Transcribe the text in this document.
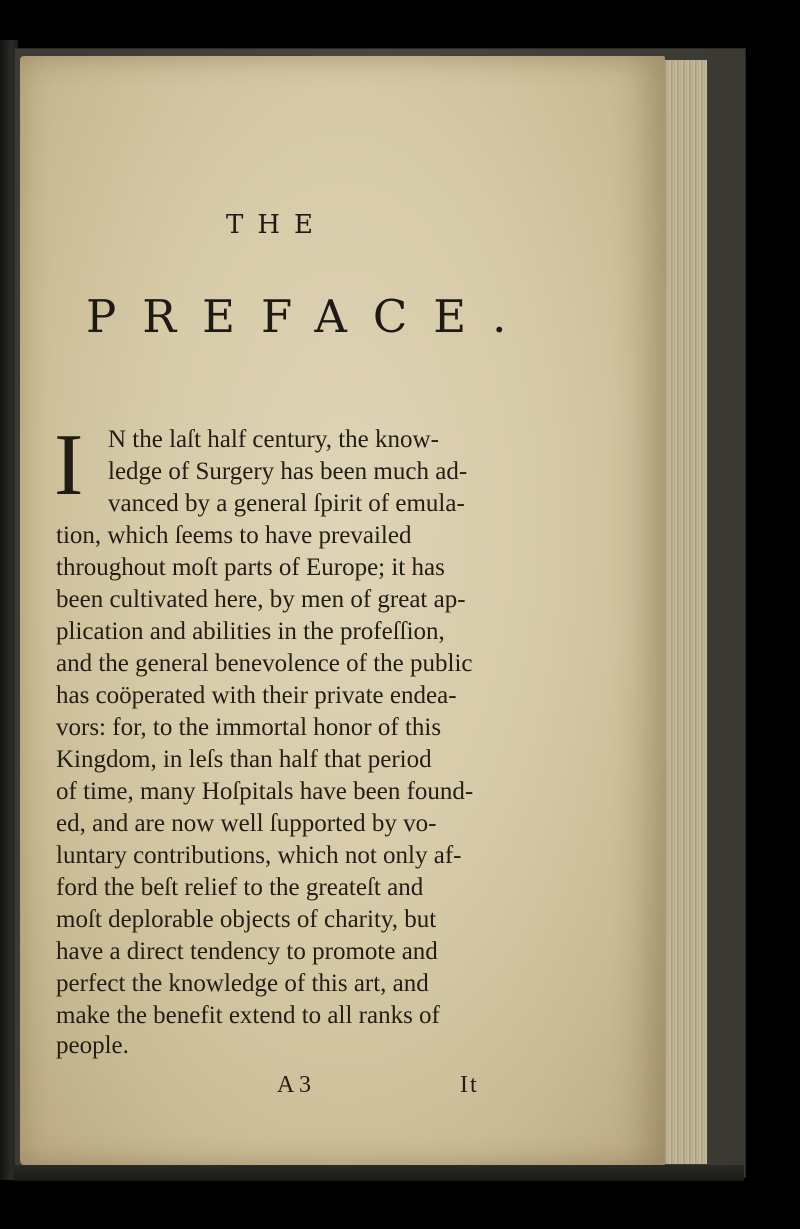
THE
PREFACE.
I N the laſt half century, the know-
ledge of Surgery has been much ad-
vanced by a general ſpirit of emula-
tion, which ſeems to have prevailed
throughout moſt parts of Europe; it has
been cultivated here, by men of great ap-
plication and abilities in the profeſſion,
and the general benevolence of the public
has coöperated with their private endea-
vors: for, to the immortal honor of this
Kingdom, in leſs than half that period
of time, many Hoſpitals have been found-
ed, and are now well ſupported by vo-
luntary contributions, which not only af-
ford the beſt relief to the greateſt and
moſt deplorable objects of charity, but
have a direct tendency to promote and
perfect the knowledge of this art, and
make the benefit extend to all ranks of
people.
A 3	It
